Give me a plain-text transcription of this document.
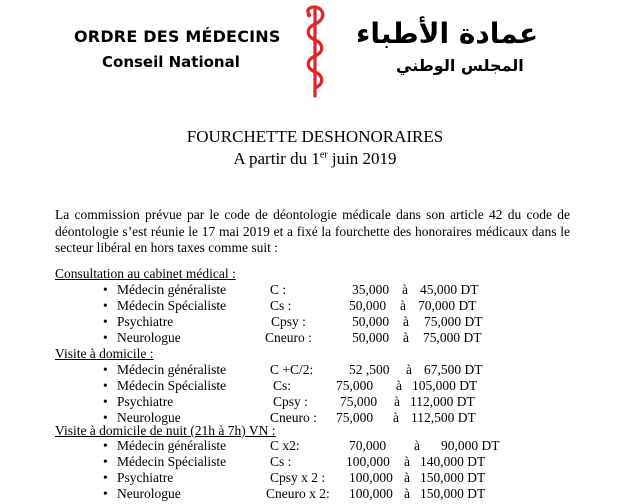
ORDRE DES MÉDECINS
Conseil National
عمادة الأطباء
المجلس الوطني
FOURCHETTE DESHONORAIRES
A partir du 1er juin 2019
La commission prévue par le code de déontologie médicale dans son article 42 du code de déontologie s’est réunie le 17 mai 2019 et a fixé la fourchette des honoraires médicaux dans le secteur libéral en hors taxes comme suit :
Consultation au cabinet médical :
• Médecin généraliste	C :	35,000 à 45,000 DT
• Médecin Spécialiste	Cs :	50,000 à 70,000 DT
• Psychiatre	Cpsy :	50,000 à 75,000 DT
• Neurologue	Cneuro :	50,000 à 75,000 DT
Visite à domicile :
• Médecin généraliste	C +C/2:	52 ,500 à 67,500 DT
• Médecin Spécialiste	Cs:	75,000 à 105,000 DT
• Psychiatre	Cpsy : 75,000 à 112,000 DT
• Neurologue	Cneuro : 75,000 à 112,500 DT
Visite à domicile de nuit (21h à 7h) VN :
• Médecin généraliste	C x2:	70,000 à 90,000 DT
• Médecin Spécialiste	Cs :	100,000 à 140,000 DT
• Psychiatre	Cpsy x 2 : 100,000 à 150,000 DT
• Neurologue	Cneuro x 2: 100,000 à 150,000 DT
